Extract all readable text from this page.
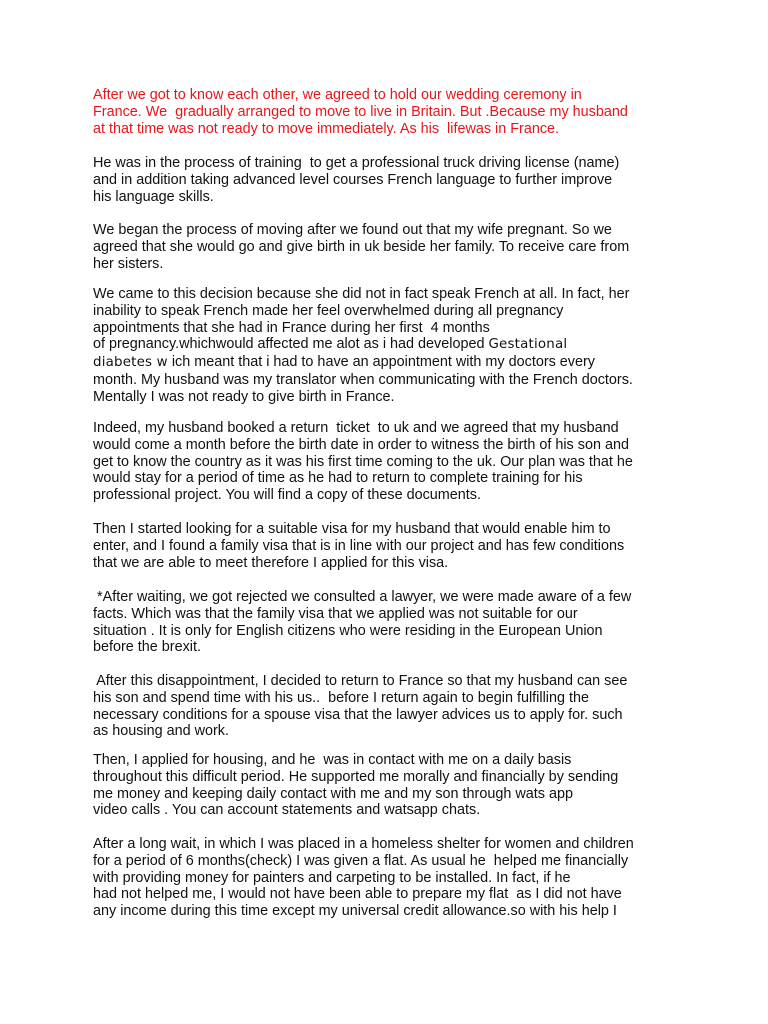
After we got to know each other, we agreed to hold our wedding ceremony in
France. We  gradually arranged to move to live in Britain. But .Because my husband
at that time was not ready to move immediately. As his  lifewas in France.

He was in the process of training  to get a professional truck driving license (name)
and in addition taking advanced level courses French language to further improve
his language skills.

We began the process of moving after we found out that my wife pregnant. So we
agreed that she would go and give birth in uk beside her family. To receive care from
her sisters.

We came to this decision because she did not in fact speak French at all. In fact, her
inability to speak French made her feel overwhelmed during all pregnancy
appointments that she had in France during her first  4 months
of pregnancy.whichwould affected me alot as i had developed Gestational
diabetes w ich meant that i had to have an appointment with my doctors every
month. My husband was my translator when communicating with the French doctors.
Mentally I was not ready to give birth in France.

Indeed, my husband booked a return  ticket  to uk and we agreed that my husband
would come a month before the birth date in order to witness the birth of his son and
get to know the country as it was his first time coming to the uk. Our plan was that he
would stay for a period of time as he had to return to complete training for his
professional project. You will find a copy of these documents.

Then I started looking for a suitable visa for my husband that would enable him to
enter, and I found a family visa that is in line with our project and has few conditions
that we are able to meet therefore I applied for this visa.

*After waiting, we got rejected we consulted a lawyer, we were made aware of a few
facts. Which was that the family visa that we applied was not suitable for our
situation . It is only for English citizens who were residing in the European Union
before the brexit.

After this disappointment, I decided to return to France so that my husband can see
his son and spend time with his us..  before I return again to begin fulfilling the
necessary conditions for a spouse visa that the lawyer advices us to apply for. such
as housing and work.

Then, I applied for housing, and he  was in contact with me on a daily basis
throughout this difficult period. He supported me morally and financially by sending
me money and keeping daily contact with me and my son through wats app
video calls . You can account statements and watsapp chats.

After a long wait, in which I was placed in a homeless shelter for women and children
for a period of 6 months(check) I was given a flat. As usual he  helped me financially
with providing money for painters and carpeting to be installed. In fact, if he
had not helped me, I would not have been able to prepare my flat  as I did not have
any income during this time except my universal credit allowance.so with his help I
